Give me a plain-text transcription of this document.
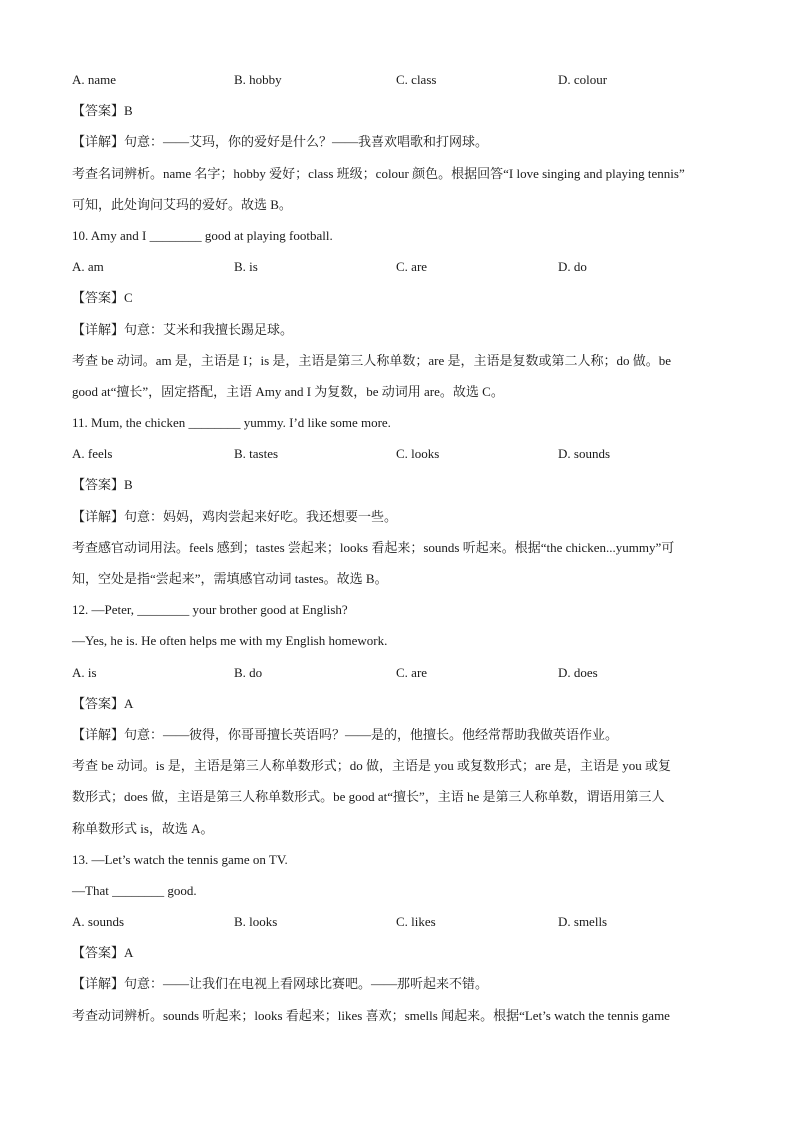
A. name	B. hobby	C. class	D. colour
【答案】B
【详解】句意：——艾玛，你的爱好是什么？——我喜欢唱歌和打网球。
考查名词辨析。name 名字；hobby 爱好；class 班级；colour 颜色。根据回答“I love singing and playing tennis”
可知，此处询问艾玛的爱好。故选 B。
10. Amy and I ________ good at playing football.
A. am	B. is	C. are	D. do
【答案】C
【详解】句意：艾米和我擅长踢足球。
考查 be 动词。am 是，主语是 I；is 是，主语是第三人称单数；are 是，主语是复数或第二人称；do 做。be
good at“擅长”，固定搭配，主语 Amy and I 为复数，be 动词用 are。故选 C。
11. Mum, the chicken ________ yummy. I’d like some more.
A. feels	B. tastes	C. looks	D. sounds
【答案】B
【详解】句意：妈妈，鸡肉尝起来好吃。我还想要一些。
考查感官动词用法。feels 感到；tastes 尝起来；looks 看起来；sounds 听起来。根据“the chicken...yummy”可
知，空处是指“尝起来”，需填感官动词 tastes。故选 B。
12. —Peter, ________ your brother good at English?
—Yes, he is. He often helps me with my English homework.
A. is	B. do	C. are	D. does
【答案】A
【详解】句意：——彼得，你哥哥擅长英语吗？——是的，他擅长。他经常帮助我做英语作业。
考查 be 动词。is 是，主语是第三人称单数形式；do 做，主语是 you 或复数形式；are 是，主语是 you 或复
数形式；does 做，主语是第三人称单数形式。be good at“擅长”，主语 he 是第三人称单数，谓语用第三人
称单数形式 is，故选 A。
13. —Let’s watch the tennis game on TV.
—That ________ good.
A. sounds	B. looks	C. likes	D. smells
【答案】A
【详解】句意：——让我们在电视上看网球比赛吧。——那听起来不错。
考查动词辨析。sounds 听起来；looks 看起来；likes 喜欢；smells 闻起来。根据“Let’s watch the tennis game
